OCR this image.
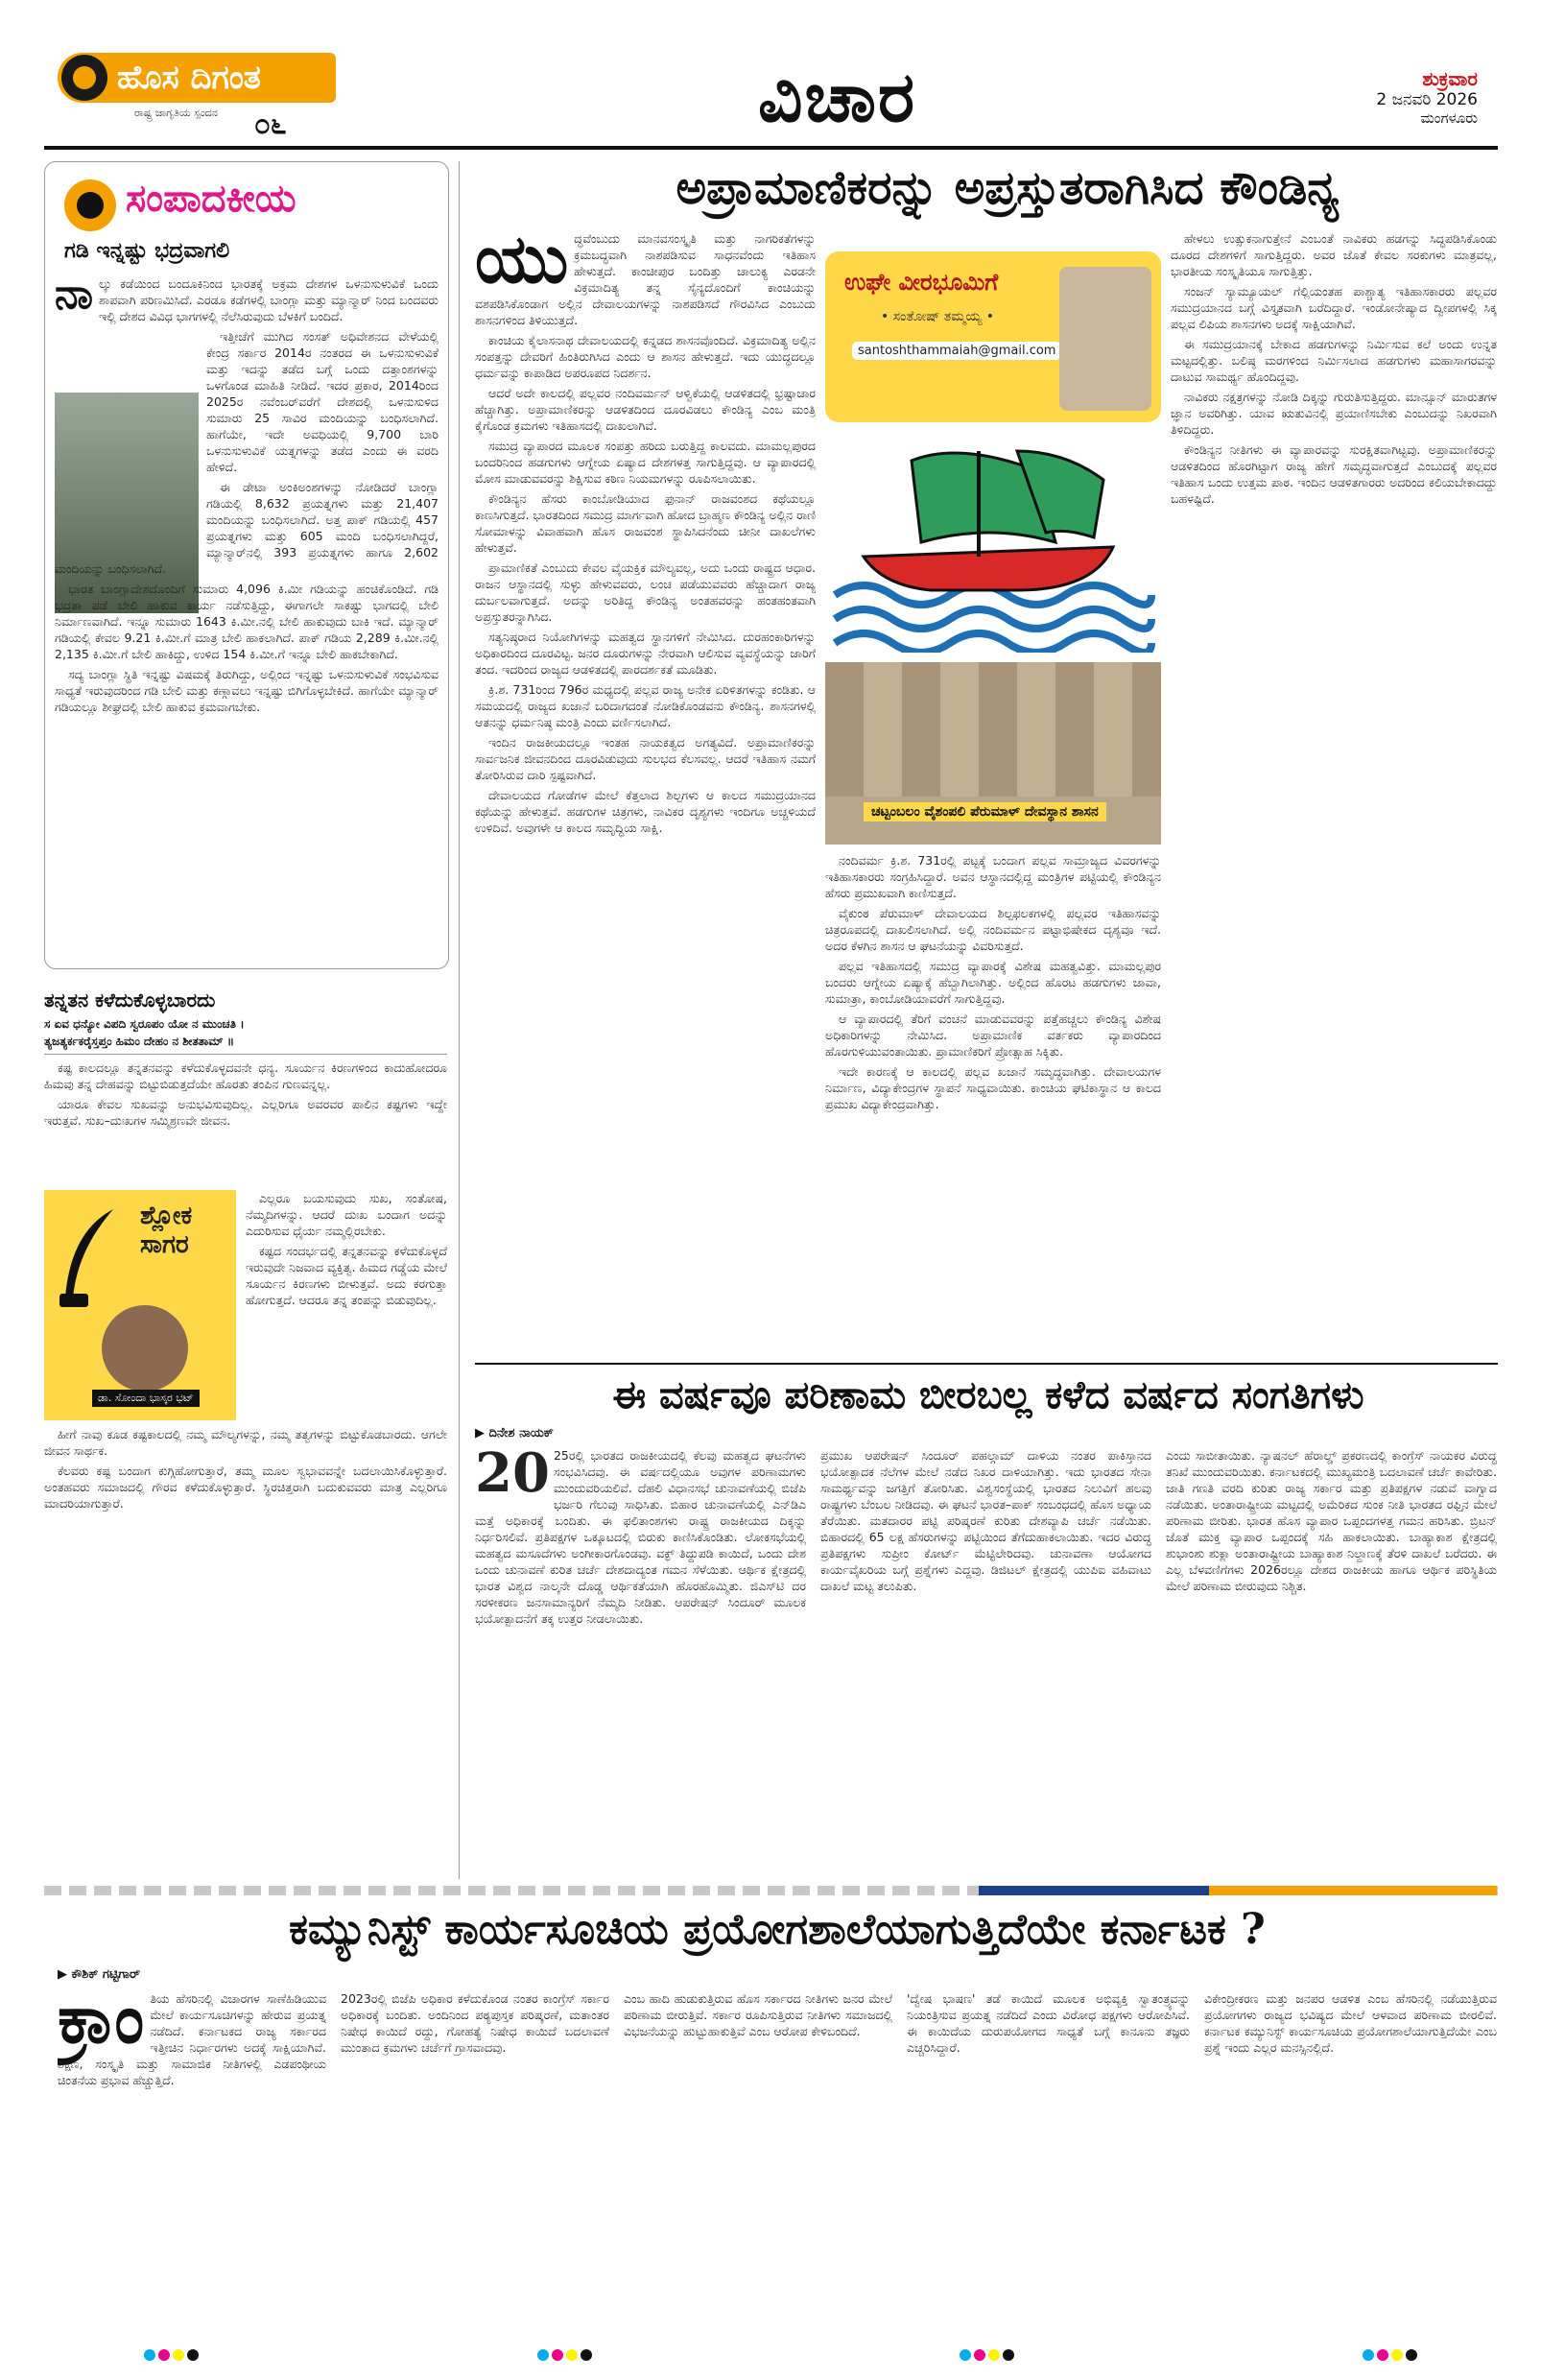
ಹೊಸ ದಿಗಂತ
ರಾಷ್ಟ್ರ ಜಾಗೃತಿಯ ಸ್ಪಂದನ ೦೬	ವಿಚಾರ	ಶುಕ್ರವಾರ
2 ಜನವರಿ 2026
ಮಂಗಳೂರು
ಸಂಪಾದಕೀಯ
ಗಡಿ ಇನ್ನಷ್ಟು ಭದ್ರವಾಗಲಿ
ನಾ ಲ್ಕು ಕಡೆಯಿಂದ ಬಂದೂಕಿನಿಂದ ಭಾರತಕ್ಕೆ ಅಕ್ರಮ ದೇಶಗಳ ಒಳನುಸುಳುವಿಕೆ ಒಂದು ಶಾಪವಾಗಿ ಪರಿಣಮಿಸಿದೆ. ಎರಡೂ ಕಡೆಗಳಲ್ಲಿ ಬಾಂಗ್ಲಾ ಮತ್ತು ಮ್ಯಾನ್ಮಾರ್ ನಿಂದ ಬಂದವರು ಇಲ್ಲಿ ದೇಶದ ವಿವಿಧ ಭಾಗಗಳಲ್ಲಿ ನೆಲೆಸಿರುವುದು ಬೆಳಕಿಗೆ ಬಂದಿದೆ.

ಇತ್ತೀಚೆಗೆ ಮುಗಿದ ಸಂಸತ್ ಅಧಿವೇಶನದ ವೇಳೆಯಲ್ಲಿ ಕೇಂದ್ರ ಸರ್ಕಾರ 2014ರ ನಂತರದ ಈ ಒಳನುಸುಳುವಿಕೆ ಮತ್ತು ಇದನ್ನು ತಡೆದ ಬಗ್ಗೆ ಒಂದು ದತ್ತಾಂಶಗಳನ್ನು ಒಳಗೊಂಡ ಮಾಹಿತಿ ನೀಡಿದೆ. ಇದರ ಪ್ರಕಾರ, 2014ರಿಂದ 2025ರ ನವೆಂಬರ್‌ವರೆಗೆ ದೇಶದಲ್ಲಿ ಒಳನುಸುಳಿದ ಸುಮಾರು 25 ಸಾವಿರ ಮಂದಿಯನ್ನು ಬಂಧಿಸಲಾಗಿದೆ. ಹಾಗೆಯೇ, ಇದೇ ಅವಧಿಯಲ್ಲಿ 9,700 ಬಾರಿ ಒಳನುಸುಳುವಿಕೆ ಯತ್ನಗಳನ್ನು ತಡೆದ ಎಂದು ಈ ವರದಿ ಹೇಳಿದೆ.

ಈ ಡೇಟಾ ಅಂಕಿಅಂಶಗಳನ್ನು ನೋಡಿದರೆ ಬಾಂಗ್ಲಾ ಗಡಿಯಲ್ಲಿ 8,632 ಪ್ರಯತ್ನಗಳು ಮತ್ತು 21,407 ಮಂದಿಯನ್ನು ಬಂಧಿಸಲಾಗಿದೆ. ಅತ್ತ ಪಾಕ್ ಗಡಿಯಲ್ಲಿ 457 ಪ್ರಯತ್ನಗಳು ಮತ್ತು 605 ಮಂದಿ ಬಂಧಿಸಲಾಗಿದ್ದರೆ, ಮ್ಯಾನ್ಮಾರ್‌ನಲ್ಲಿ 393 ಪ್ರಯತ್ನಗಳು ಹಾಗೂ 2,602 ಮಂದಿಯನ್ನು ಬಂಧಿಸಲಾಗಿದೆ.

ಭಾರತ ಬಾಂಗ್ಲಾದೇಶದೊಂದಿಗೆ ಸುಮಾರು 4,096 ಕಿ.ಮೀ ಗಡಿಯನ್ನು ಹಂಚಿಕೊಂಡಿದೆ. ಗಡಿ ಭದ್ರತಾ ಪಡೆ ಬೇಲಿ ಹಾಕುವ ಕಾರ್ಯ ನಡೆಸುತ್ತಿದ್ದು, ಈಗಾಗಲೇ ಸಾಕಷ್ಟು ಭಾಗದಲ್ಲಿ ಬೇಲಿ ನಿರ್ಮಾಣವಾಗಿದೆ. ಇನ್ನೂ ಸುಮಾರು 1643 ಕಿ.ಮೀ.ನಲ್ಲಿ ಬೇಲಿ ಹಾಕುವುದು ಬಾಕಿ ಇದೆ. ಮ್ಯಾನ್ಮಾರ್ ಗಡಿಯಲ್ಲಿ ಕೇವಲ 9.21 ಕಿ.ಮೀ.ಗೆ ಮಾತ್ರ ಬೇಲಿ ಹಾಕಲಾಗಿದೆ. ಪಾಕ್ ಗಡಿಯ 2,289 ಕಿ.ಮೀ.ನಲ್ಲಿ 2,135 ಕಿ.ಮೀ.ಗೆ ಬೇಲಿ ಹಾಕಿದ್ದು, ಉಳಿದ 154 ಕಿ.ಮೀ.ಗೆ ಇನ್ನೂ ಬೇಲಿ ಹಾಕಬೇಕಾಗಿದೆ.

ಸದ್ಯ ಬಾಂಗ್ಲಾ ಸ್ಥಿತಿ ಇನ್ನಷ್ಟು ವಿಷಮಕ್ಕೆ ತಿರುಗಿದ್ದು, ಅಲ್ಲಿಂದ ಇನ್ನಷ್ಟು ಒಳನುಸುಳುವಿಕೆ ಸಂಭವಿಸುವ ಸಾಧ್ಯತೆ ಇರುವುದರಿಂದ ಗಡಿ ಬೇಲಿ ಮತ್ತು ಕಣ್ಗಾವಲು ಇನ್ನಷ್ಟು ಬಿಗಿಗೊಳ್ಳಬೇಕಿದೆ. ಹಾಗೆಯೇ ಮ್ಯಾನ್ಮಾರ್ ಗಡಿಯಲ್ಲೂ ಶೀಘ್ರದಲ್ಲಿ ಬೇಲಿ ಹಾಕುವ ಕ್ರಮವಾಗಬೇಕು.

ತನ್ನತನ ಕಳೆದುಕೊಳ್ಳಬಾರದು
ಸ ಏವ ಧನ್ಯೋ ವಿಪದಿ ಸ್ವರೂಪಂ ಯೋ ನ ಮುಂಚತಿ ।
ತ್ಯಜತ್ಯರ್ಕಕರೈಸ್ತಪ್ತಂ ಹಿಮಂ ದೇಹಂ ನ ಶೀತತಾಮ್ ॥

ಕಷ್ಟ ಕಾಲದಲ್ಲೂ ತನ್ನತನವನ್ನು ಕಳೆದುಕೊಳ್ಳದವನೇ ಧನ್ಯ. ಸೂರ್ಯನ ಕಿರಣಗಳಿಂದ ಕಾದುಹೋದರೂ ಹಿಮವು ತನ್ನ ದೇಹವನ್ನು ಬಿಟ್ಟುಬಿಡುತ್ತದೆಯೇ ಹೊರತು ತಂಪಿನ ಗುಣವನ್ನಲ್ಲ.

ಯಾರೂ ಕೇವಲ ಸುಖವನ್ನು ಅನುಭವಿಸುವುದಿಲ್ಲ. ಎಲ್ಲರಿಗೂ ಅವರವರ ಪಾಲಿನ ಕಷ್ಟಗಳು ಇದ್ದೇ ಇರುತ್ತವೆ. ಸುಖ–ದುಃಖಗಳ ಸಮ್ಮಿಶ್ರಣವೇ ಜೀವನ.

ಶ್ಲೋಕ
ಸಾಗರ
ಡಾ. ಸೋಂದಾ ಭಾಸ್ಕರ ಭಟ್

ಎಲ್ಲರೂ ಬಯಸುವುದು ಸುಖ, ಸಂತೋಷ, ನೆಮ್ಮದಿಗಳನ್ನು. ಆದರೆ ದುಃಖ ಬಂದಾಗ ಅದನ್ನು ಎದುರಿಸುವ ಧೈರ್ಯ ನಮ್ಮಲ್ಲಿರಬೇಕು.

ಕಷ್ಟದ ಸಂದರ್ಭದಲ್ಲಿ ತನ್ನತನವನ್ನು ಕಳೆದುಕೊಳ್ಳದೆ ಇರುವುದೇ ನಿಜವಾದ ವ್ಯಕ್ತಿತ್ವ. ಹಿಮದ ಗಡ್ಡೆಯ ಮೇಲೆ ಸೂರ್ಯನ ಕಿರಣಗಳು ಬೀಳುತ್ತವೆ. ಅದು ಕರಗುತ್ತಾ ಹೋಗುತ್ತದೆ. ಆದರೂ ತನ್ನ ತಂಪನ್ನು ಬಿಡುವುದಿಲ್ಲ.

ಹೀಗೆ ನಾವು ಕೂಡ ಕಷ್ಟಕಾಲದಲ್ಲಿ ನಮ್ಮ ಮೌಲ್ಯಗಳನ್ನು, ನಮ್ಮ ತತ್ವಗಳನ್ನು ಬಿಟ್ಟುಕೊಡಬಾರದು. ಆಗಲೇ ಜೀವನ ಸಾರ್ಥಕ.

ಕೆಲವರು ಕಷ್ಟ ಬಂದಾಗ ಕುಗ್ಗಿಹೋಗುತ್ತಾರೆ, ತಮ್ಮ ಮೂಲ ಸ್ವಭಾವವನ್ನೇ ಬದಲಾಯಿಸಿಕೊಳ್ಳುತ್ತಾರೆ. ಅಂತಹವರು ಸಮಾಜದಲ್ಲಿ ಗೌರವ ಕಳೆದುಕೊಳ್ಳುತ್ತಾರೆ. ಸ್ಥಿರಚಿತ್ತರಾಗಿ ಬದುಕುವವರು ಮಾತ್ರ ಎಲ್ಲರಿಗೂ ಮಾದರಿಯಾಗುತ್ತಾರೆ.

ಅಪ್ರಾಮಾಣಿಕರನ್ನು ಅಪ್ರಸ್ತುತರಾಗಿಸಿದ ಕೌಂಡಿನ್ಯ
ಯು ದ್ಧವೆಂಬುದು ಮಾನವಸಂಸ್ಕೃತಿ ಮತ್ತು ನಾಗರಿಕತೆಗಳನ್ನು ಕ್ರಮಬದ್ಧವಾಗಿ ನಾಶಪಡಿಸುವ ಸಾಧನವೆಂದು ಇತಿಹಾಸ ಹೇಳುತ್ತದೆ. ಕಾಂಚೀಪುರ ಬಂದಿತ್ತು ಚಾಲುಕ್ಯ ಎರಡನೇ ವಿಕ್ರಮಾದಿತ್ಯ ತನ್ನ ಸೈನ್ಯದೊಂದಿಗೆ ಕಾಂಚಿಯನ್ನು ವಶಪಡಿಸಿಕೊಂಡಾಗ ಅಲ್ಲಿನ ದೇವಾಲಯಗಳನ್ನು ನಾಶಪಡಿಸದೆ ಗೌರವಿಸಿದ ಎಂಬುದು ಶಾಸನಗಳಿಂದ ತಿಳಿಯುತ್ತದೆ.

ಕಾಂಚಿಯ ಕೈಲಾಸನಾಥ ದೇವಾಲಯದಲ್ಲಿ ಕನ್ನಡದ ಶಾಸನವೊಂದಿದೆ. ವಿಕ್ರಮಾದಿತ್ಯ ಅಲ್ಲಿನ ಸಂಪತ್ತನ್ನು ದೇವರಿಗೆ ಹಿಂತಿರುಗಿಸಿದ ಎಂದು ಆ ಶಾಸನ ಹೇಳುತ್ತದೆ. ಇದು ಯುದ್ಧದಲ್ಲೂ ಧರ್ಮವನ್ನು ಕಾಪಾಡಿದ ಅಪರೂಪದ ನಿದರ್ಶನ.

ಆದರೆ ಅದೇ ಕಾಲದಲ್ಲಿ ಪಲ್ಲವರ ನಂದಿವರ್ಮನ್ ಆಳ್ವಿಕೆಯಲ್ಲಿ ಆಡಳಿತದಲ್ಲಿ ಭ್ರಷ್ಟಾಚಾರ ಹೆಚ್ಚಾಗಿತ್ತು. ಅಪ್ರಾಮಾಣಿಕರನ್ನು ಆಡಳಿತದಿಂದ ದೂರವಿಡಲು ಕೌಂಡಿನ್ಯ ಎಂಬ ಮಂತ್ರಿ ಕೈಗೊಂಡ ಕ್ರಮಗಳು ಇತಿಹಾಸದಲ್ಲಿ ದಾಖಲಾಗಿವೆ.

ಸಮುದ್ರ ವ್ಯಾಪಾರದ ಮೂಲಕ ಸಂಪತ್ತು ಹರಿದು ಬರುತ್ತಿದ್ದ ಕಾಲವದು. ಮಾಮಲ್ಲಪುರದ ಬಂದರಿನಿಂದ ಹಡಗುಗಳು ಆಗ್ನೇಯ ಏಷ್ಯಾದ ದೇಶಗಳತ್ತ ಸಾಗುತ್ತಿದ್ದವು. ಆ ವ್ಯಾಪಾರದಲ್ಲಿ ಮೋಸ ಮಾಡುವವರನ್ನು ಶಿಕ್ಷಿಸುವ ಕಠಿಣ ನಿಯಮಗಳನ್ನು ರೂಪಿಸಲಾಯಿತು.

ಕೌಂಡಿನ್ಯನ ಹೆಸರು ಕಾಂಬೋಡಿಯಾದ ಫುನಾನ್ ರಾಜವಂಶದ ಕಥೆಯಲ್ಲೂ ಕಾಣಸಿಗುತ್ತದೆ. ಭಾರತದಿಂದ ಸಮುದ್ರ ಮಾರ್ಗವಾಗಿ ಹೋದ ಬ್ರಾಹ್ಮಣ ಕೌಂಡಿನ್ಯ ಅಲ್ಲಿನ ರಾಣಿ ಸೋಮಾಳನ್ನು ವಿವಾಹವಾಗಿ ಹೊಸ ರಾಜವಂಶ ಸ್ಥಾಪಿಸಿದನೆಂದು ಚೀನೀ ದಾಖಲೆಗಳು ಹೇಳುತ್ತವೆ.

ಪ್ರಾಮಾಣಿಕತೆ ಎಂಬುದು ಕೇವಲ ವೈಯಕ್ತಿಕ ಮೌಲ್ಯವಲ್ಲ, ಅದು ಒಂದು ರಾಷ್ಟ್ರದ ಆಧಾರ. ರಾಜನ ಆಸ್ಥಾನದಲ್ಲಿ ಸುಳ್ಳು ಹೇಳುವವರು, ಲಂಚ ಪಡೆಯುವವರು ಹೆಚ್ಚಾದಾಗ ರಾಜ್ಯ ದುರ್ಬಲವಾಗುತ್ತದೆ. ಅದನ್ನು ಅರಿತಿದ್ದ ಕೌಂಡಿನ್ಯ ಅಂತಹವರನ್ನು ಹಂತಹಂತವಾಗಿ ಅಪ್ರಸ್ತುತರನ್ನಾಗಿಸಿದ.

ಸತ್ಯನಿಷ್ಠರಾದ ನಿಯೋಗಿಗಳನ್ನು ಮಹತ್ವದ ಸ್ಥಾನಗಳಿಗೆ ನೇಮಿಸಿದ. ದುರಹಂಕಾರಿಗಳನ್ನು ಅಧಿಕಾರದಿಂದ ದೂರವಿಟ್ಟ. ಜನರ ದೂರುಗಳನ್ನು ನೇರವಾಗಿ ಆಲಿಸುವ ವ್ಯವಸ್ಥೆಯನ್ನು ಜಾರಿಗೆ ತಂದ. ಇದರಿಂದ ರಾಜ್ಯದ ಆಡಳಿತದಲ್ಲಿ ಪಾರದರ್ಶಕತೆ ಮೂಡಿತು.

ಕ್ರಿ.ಶ. 731ರಿಂದ 796ರ ಮಧ್ಯದಲ್ಲಿ ಪಲ್ಲವ ರಾಜ್ಯ ಅನೇಕ ಏರಿಳಿತಗಳನ್ನು ಕಂಡಿತು. ಆ ಸಮಯದಲ್ಲಿ ರಾಜ್ಯದ ಖಜಾನೆ ಬರಿದಾಗದಂತೆ ನೋಡಿಕೊಂಡವನು ಕೌಂಡಿನ್ಯ. ಶಾಸನಗಳಲ್ಲಿ ಆತನನ್ನು ಧರ್ಮನಿಷ್ಠ ಮಂತ್ರಿ ಎಂದು ವರ್ಣಿಸಲಾಗಿದೆ.

ಇಂದಿನ ರಾಜಕೀಯದಲ್ಲೂ ಇಂತಹ ನಾಯಕತ್ವದ ಅಗತ್ಯವಿದೆ. ಅಪ್ರಾಮಾಣಿಕರನ್ನು ಸಾರ್ವಜನಿಕ ಜೀವನದಿಂದ ದೂರವಿಡುವುದು ಸುಲಭದ ಕೆಲಸವಲ್ಲ. ಆದರೆ ಇತಿಹಾಸ ನಮಗೆ ತೋರಿಸಿರುವ ದಾರಿ ಸ್ಪಷ್ಟವಾಗಿದೆ.

ದೇವಾಲಯದ ಗೋಡೆಗಳ ಮೇಲೆ ಕೆತ್ತಲಾದ ಶಿಲ್ಪಗಳು ಆ ಕಾಲದ ಸಮುದ್ರಯಾನದ ಕಥೆಯನ್ನು ಹೇಳುತ್ತವೆ. ಹಡಗುಗಳ ಚಿತ್ರಗಳು, ನಾವಿಕರ ದೃಶ್ಯಗಳು ಇಂದಿಗೂ ಅಚ್ಚಳಿಯದೆ ಉಳಿದಿವೆ. ಅವುಗಳೇ ಆ ಕಾಲದ ಸಮೃದ್ಧಿಯ ಸಾಕ್ಷಿ.

ಉಘೇ ವೀರಭೂಮಿಗೆ
• ಸಂತೋಷ್ ತಮ್ಮಯ್ಯ •
santoshthammaiah@gmail.com
ಚಟ್ಟಂಬಲಂ ವೈಶಂಪಲಿ ಪೆರುಮಾಳ್ ದೇವಸ್ಥಾನ ಶಾಸನ

ನಂದಿವರ್ಮ ಕ್ರಿ.ಶ. 731ರಲ್ಲಿ ಪಟ್ಟಕ್ಕೆ ಬಂದಾಗ ಪಲ್ಲವ ಸಾಮ್ರಾಜ್ಯದ ವಿವರಗಳನ್ನು ಇತಿಹಾಸಕಾರರು ಸಂಗ್ರಹಿಸಿದ್ದಾರೆ. ಅವನ ಆಸ್ಥಾನದಲ್ಲಿದ್ದ ಮಂತ್ರಿಗಳ ಪಟ್ಟಿಯಲ್ಲಿ ಕೌಂಡಿನ್ಯನ ಹೆಸರು ಪ್ರಮುಖವಾಗಿ ಕಾಣಿಸುತ್ತದೆ.

ವೈಕುಂಠ ಪೆರುಮಾಳ್ ದೇವಾಲಯದ ಶಿಲ್ಪಫಲಕಗಳಲ್ಲಿ ಪಲ್ಲವರ ಇತಿಹಾಸವನ್ನು ಚಿತ್ರರೂಪದಲ್ಲಿ ದಾಖಲಿಸಲಾಗಿದೆ. ಅಲ್ಲಿ ನಂದಿವರ್ಮನ ಪಟ್ಟಾಭಿಷೇಕದ ದೃಶ್ಯವೂ ಇದೆ. ಅದರ ಕೆಳಗಿನ ಶಾಸನ ಆ ಘಟನೆಯನ್ನು ವಿವರಿಸುತ್ತದೆ.

ಪಲ್ಲವ ಇತಿಹಾಸದಲ್ಲಿ ಸಮುದ್ರ ವ್ಯಾಪಾರಕ್ಕೆ ವಿಶೇಷ ಮಹತ್ವವಿತ್ತು. ಮಾಮಲ್ಲಪುರ ಬಂದರು ಆಗ್ನೇಯ ಏಷ್ಯಾಕ್ಕೆ ಹೆಬ್ಬಾಗಿಲಾಗಿತ್ತು. ಅಲ್ಲಿಂದ ಹೊರಟ ಹಡಗುಗಳು ಜಾವಾ, ಸುಮಾತ್ರಾ, ಕಾಂಬೋಡಿಯಾವರೆಗೆ ಸಾಗುತ್ತಿದ್ದವು.

ಆ ವ್ಯಾಪಾರದಲ್ಲಿ ತೆರಿಗೆ ವಂಚನೆ ಮಾಡುವವರನ್ನು ಪತ್ತೆಹಚ್ಚಲು ಕೌಂಡಿನ್ಯ ವಿಶೇಷ ಅಧಿಕಾರಿಗಳನ್ನು ನೇಮಿಸಿದ. ಅಪ್ರಾಮಾಣಿಕ ವರ್ತಕರು ವ್ಯಾಪಾರದಿಂದ ಹೊರಗುಳಿಯುವಂತಾಯಿತು. ಪ್ರಾಮಾಣಿಕರಿಗೆ ಪ್ರೋತ್ಸಾಹ ಸಿಕ್ಕಿತು.

ಇದೇ ಕಾರಣಕ್ಕೆ ಆ ಕಾಲದಲ್ಲಿ ಪಲ್ಲವ ಖಜಾನೆ ಸಮೃದ್ಧವಾಗಿತ್ತು. ದೇವಾಲಯಗಳ ನಿರ್ಮಾಣ, ವಿದ್ಯಾಕೇಂದ್ರಗಳ ಸ್ಥಾಪನೆ ಸಾಧ್ಯವಾಯಿತು. ಕಾಂಚಿಯ ಘಟಿಕಾಸ್ಥಾನ ಆ ಕಾಲದ ಪ್ರಮುಖ ವಿದ್ಯಾಕೇಂದ್ರವಾಗಿತ್ತು.

ಹೇಳಲು ಉತ್ಸುಕನಾಗುತ್ತೇನೆ ಎಂಬಂತೆ ನಾವಿಕರು ಹಡಗನ್ನು ಸಿದ್ಧಪಡಿಸಿಕೊಂಡು ದೂರದ ದೇಶಗಳಿಗೆ ಸಾಗುತ್ತಿದ್ದರು. ಅವರ ಜೊತೆ ಕೇವಲ ಸರಕುಗಳು ಮಾತ್ರವಲ್ಲ, ಭಾರತೀಯ ಸಂಸ್ಕೃತಿಯೂ ಸಾಗುತ್ತಿತ್ತು.

ಸಂಜನ್ ಸ್ಯಾಮ್ಯೂಯಲ್ ಗೆಲ್ಲಿಯಂತಹ ಪಾಶ್ಚಾತ್ಯ ಇತಿಹಾಸಕಾರರು ಪಲ್ಲವರ ಸಮುದ್ರಯಾನದ ಬಗ್ಗೆ ವಿಸ್ತೃತವಾಗಿ ಬರೆದಿದ್ದಾರೆ. ಇಂಡೋನೇಷ್ಯಾದ ದ್ವೀಪಗಳಲ್ಲಿ ಸಿಕ್ಕ ಪಲ್ಲವ ಲಿಪಿಯ ಶಾಸನಗಳು ಅದಕ್ಕೆ ಸಾಕ್ಷಿಯಾಗಿವೆ.

ಈ ಸಮುದ್ರಯಾನಕ್ಕೆ ಬೇಕಾದ ಹಡಗುಗಳನ್ನು ನಿರ್ಮಿಸುವ ಕಲೆ ಅಂದು ಉನ್ನತ ಮಟ್ಟದಲ್ಲಿತ್ತು. ಬಲಿಷ್ಠ ಮರಗಳಿಂದ ನಿರ್ಮಿಸಲಾದ ಹಡಗುಗಳು ಮಹಾಸಾಗರವನ್ನು ದಾಟುವ ಸಾಮರ್ಥ್ಯ ಹೊಂದಿದ್ದವು.

ನಾವಿಕರು ನಕ್ಷತ್ರಗಳನ್ನು ನೋಡಿ ದಿಕ್ಕನ್ನು ಗುರುತಿಸುತ್ತಿದ್ದರು. ಮಾನ್ಸೂನ್ ಮಾರುತಗಳ ಜ್ಞಾನ ಅವರಿಗಿತ್ತು. ಯಾವ ಋತುವಿನಲ್ಲಿ ಪ್ರಯಾಣಿಸಬೇಕು ಎಂಬುದನ್ನು ನಿಖರವಾಗಿ ತಿಳಿದಿದ್ದರು.

ಕೌಂಡಿನ್ಯನ ನೀತಿಗಳು ಈ ವ್ಯಾಪಾರವನ್ನು ಸುರಕ್ಷಿತವಾಗಿಟ್ಟವು. ಅಪ್ರಾಮಾಣಿಕರನ್ನು ಆಡಳಿತದಿಂದ ಹೊರಗಿಟ್ಟಾಗ ರಾಜ್ಯ ಹೇಗೆ ಸಮೃದ್ಧವಾಗುತ್ತದೆ ಎಂಬುದಕ್ಕೆ ಪಲ್ಲವರ ಇತಿಹಾಸ ಒಂದು ಉತ್ತಮ ಪಾಠ. ಇಂದಿನ ಆಡಳಿತಗಾರರು ಅದರಿಂದ ಕಲಿಯಬೇಕಾದದ್ದು ಬಹಳಷ್ಟಿದೆ.

ಈ ವರ್ಷವೂ ಪರಿಣಾಮ ಬೀರಬಲ್ಲ ಕಳೆದ ವರ್ಷದ ಸಂಗತಿಗಳು
▶ ದಿನೇಶ ನಾಯಕ್
20 25ರಲ್ಲಿ ಭಾರತದ ರಾಜಕೀಯದಲ್ಲಿ ಕೆಲವು ಮಹತ್ವದ ಘಟನೆಗಳು ಸಂಭವಿಸಿದವು. ಈ ವರ್ಷದಲ್ಲಿಯೂ ಅವುಗಳ ಪರಿಣಾಮಗಳು ಮುಂದುವರಿಯಲಿವೆ. ದೆಹಲಿ ವಿಧಾನಸಭೆ ಚುನಾವಣೆಯಲ್ಲಿ ಬಿಜೆಪಿ ಭರ್ಜರಿ ಗೆಲುವು ಸಾಧಿಸಿತು. ಬಿಹಾರ ಚುನಾವಣೆಯಲ್ಲಿ ಎನ್‌ಡಿಎ ಮತ್ತೆ ಅಧಿಕಾರಕ್ಕೆ ಬಂದಿತು. ಈ ಫಲಿತಾಂಶಗಳು ರಾಷ್ಟ್ರ ರಾಜಕೀಯದ ದಿಕ್ಕನ್ನು ನಿರ್ಧರಿಸಲಿವೆ. ಪ್ರತಿಪಕ್ಷಗಳ ಒಕ್ಕೂಟದಲ್ಲಿ ಬಿರುಕು ಕಾಣಿಸಿಕೊಂಡಿತು. ಲೋಕಸಭೆಯಲ್ಲಿ ಮಹತ್ವದ ಮಸೂದೆಗಳು ಅಂಗೀಕಾರಗೊಂಡವು. ವಕ್ಫ್ ತಿದ್ದುಪಡಿ ಕಾಯಿದೆ, ಒಂದು ದೇಶ ಒಂದು ಚುನಾವಣೆ ಕುರಿತ ಚರ್ಚೆ ದೇಶದಾದ್ಯಂತ ಗಮನ ಸೆಳೆಯಿತು. ಆರ್ಥಿಕ ಕ್ಷೇತ್ರದಲ್ಲಿ ಭಾರತ ವಿಶ್ವದ ನಾಲ್ಕನೇ ದೊಡ್ಡ ಆರ್ಥಿಕತೆಯಾಗಿ ಹೊರಹೊಮ್ಮಿತು. ಜಿಎಸ್‌ಟಿ ದರ ಸರಳೀಕರಣ ಜನಸಾಮಾನ್ಯರಿಗೆ ನೆಮ್ಮದಿ ನೀಡಿತು. ಆಪರೇಷನ್ ಸಿಂದೂರ್ ಮೂಲಕ ಭಯೋತ್ಪಾದನೆಗೆ ತಕ್ಕ ಉತ್ತರ ನೀಡಲಾಯಿತು.
ಪ್ರಮುಖ ಆಪರೇಷನ್ ಸಿಂದೂರ್ ಪಹಲ್ಗಾಮ್ ದಾಳಿಯ ನಂತರ ಪಾಕಿಸ್ತಾನದ ಭಯೋತ್ಪಾದಕ ನೆಲೆಗಳ ಮೇಲೆ ನಡೆದ ನಿಖರ ದಾಳಿಯಾಗಿತ್ತು. ಇದು ಭಾರತದ ಸೇನಾ ಸಾಮರ್ಥ್ಯವನ್ನು ಜಗತ್ತಿಗೆ ತೋರಿಸಿತು. ವಿಶ್ವಸಂಸ್ಥೆಯಲ್ಲಿ ಭಾರತದ ನಿಲುವಿಗೆ ಹಲವು ರಾಷ್ಟ್ರಗಳು ಬೆಂಬಲ ನೀಡಿದವು. ಈ ಘಟನೆ ಭಾರತ–ಪಾಕ್ ಸಂಬಂಧದಲ್ಲಿ ಹೊಸ ಅಧ್ಯಾಯ ತೆರೆಯಿತು. ಮತದಾರರ ಪಟ್ಟಿ ಪರಿಷ್ಕರಣೆ ಕುರಿತು ದೇಶವ್ಯಾಪಿ ಚರ್ಚೆ ನಡೆಯಿತು. ಬಿಹಾರದಲ್ಲಿ 65 ಲಕ್ಷ ಹೆಸರುಗಳನ್ನು ಪಟ್ಟಿಯಿಂದ ತೆಗೆದುಹಾಕಲಾಯಿತು. ಇದರ ವಿರುದ್ಧ ಪ್ರತಿಪಕ್ಷಗಳು ಸುಪ್ರೀಂ ಕೋರ್ಟ್ ಮೆಟ್ಟಿಲೇರಿದವು. ಚುನಾವಣಾ ಆಯೋಗದ ಕಾರ್ಯವೈಖರಿಯ ಬಗ್ಗೆ ಪ್ರಶ್ನೆಗಳು ಎದ್ದವು. ಡಿಜಿಟಲ್ ಕ್ಷೇತ್ರದಲ್ಲಿ ಯುಪಿಐ ವಹಿವಾಟು ದಾಖಲೆ ಮಟ್ಟ ತಲುಪಿತು.
ಎಂದು ಸಾಬೀತಾಯಿತು. ನ್ಯಾಷನಲ್ ಹೆರಾಲ್ಡ್ ಪ್ರಕರಣದಲ್ಲಿ ಕಾಂಗ್ರೆಸ್ ನಾಯಕರ ವಿರುದ್ಧ ತನಿಖೆ ಮುಂದುವರಿಯಿತು. ಕರ್ನಾಟಕದಲ್ಲಿ ಮುಖ್ಯಮಂತ್ರಿ ಬದಲಾವಣೆ ಚರ್ಚೆ ಕಾವೇರಿತು. ಜಾತಿ ಗಣತಿ ವರದಿ ಕುರಿತು ರಾಜ್ಯ ಸರ್ಕಾರ ಮತ್ತು ಪ್ರತಿಪಕ್ಷಗಳ ನಡುವೆ ವಾಗ್ವಾದ ನಡೆಯಿತು. ಅಂತಾರಾಷ್ಟ್ರೀಯ ಮಟ್ಟದಲ್ಲಿ ಅಮೆರಿಕದ ಸುಂಕ ನೀತಿ ಭಾರತದ ರಫ್ತಿನ ಮೇಲೆ ಪರಿಣಾಮ ಬೀರಿತು. ಭಾರತ ಹೊಸ ವ್ಯಾಪಾರ ಒಪ್ಪಂದಗಳತ್ತ ಗಮನ ಹರಿಸಿತು. ಬ್ರಿಟನ್ ಜೊತೆ ಮುಕ್ತ ವ್ಯಾಪಾರ ಒಪ್ಪಂದಕ್ಕೆ ಸಹಿ ಹಾಕಲಾಯಿತು. ಬಾಹ್ಯಾಕಾಶ ಕ್ಷೇತ್ರದಲ್ಲಿ ಶುಭಾಂಶು ಶುಕ್ಲಾ ಅಂತಾರಾಷ್ಟ್ರೀಯ ಬಾಹ್ಯಾಕಾಶ ನಿಲ್ದಾಣಕ್ಕೆ ತೆರಳಿ ದಾಖಲೆ ಬರೆದರು. ಈ ಎಲ್ಲ ಬೆಳವಣಿಗೆಗಳು 2026ರಲ್ಲೂ ದೇಶದ ರಾಜಕೀಯ ಹಾಗೂ ಆರ್ಥಿಕ ಪರಿಸ್ಥಿತಿಯ ಮೇಲೆ ಪರಿಣಾಮ ಬೀರುವುದು ನಿಶ್ಚಿತ.
ಕಮ್ಯುನಿಸ್ಟ್ ಕಾರ್ಯಸೂಚಿಯ ಪ್ರಯೋಗಶಾಲೆಯಾಗುತ್ತಿದೆಯೇ ಕರ್ನಾಟಕ ?
▶ ಕೌಶಿಕ್ ಗಟ್ಟಿಗಾರ್
ಕ್ರಾಂ ತಿಯ ಹೆಸರಿನಲ್ಲಿ ವಿಚಾರಗಳ ಸಾಣೆಹಿಡಿಯುವ ಮೇಲೆ ಕಾರ್ಯಸೂಚಿಗಳನ್ನು ಹೇರುವ ಪ್ರಯತ್ನ ನಡೆದಿದೆ. ಕರ್ನಾಟಕದ ರಾಜ್ಯ ಸರ್ಕಾರದ ಇತ್ತೀಚಿನ ನಿರ್ಧಾರಗಳು ಅದಕ್ಕೆ ಸಾಕ್ಷಿಯಾಗಿವೆ. ಶಿಕ್ಷಣ, ಸಂಸ್ಕೃತಿ ಮತ್ತು ಸಾಮಾಜಿಕ ನೀತಿಗಳಲ್ಲಿ ಎಡಪಂಥೀಯ ಚಿಂತನೆಯ ಪ್ರಭಾವ ಹೆಚ್ಚುತ್ತಿದೆ.
2023ರಲ್ಲಿ ಬಿಜೆಪಿ ಅಧಿಕಾರ ಕಳೆದುಕೊಂಡ ನಂತರ ಕಾಂಗ್ರೆಸ್ ಸರ್ಕಾರ ಅಧಿಕಾರಕ್ಕೆ ಬಂದಿತು. ಅಂದಿನಿಂದ ಪಠ್ಯಪುಸ್ತಕ ಪರಿಷ್ಕರಣೆ, ಮತಾಂತರ ನಿಷೇಧ ಕಾಯಿದೆ ರದ್ದು, ಗೋಹತ್ಯೆ ನಿಷೇಧ ಕಾಯಿದೆ ಬದಲಾವಣೆ ಮುಂತಾದ ಕ್ರಮಗಳು ಚರ್ಚೆಗೆ ಗ್ರಾಸವಾದವು.
ಎಂಬ ಹಾದಿ ಹುಡುಕುತ್ತಿರುವ ಹೊಸ ಸರ್ಕಾರದ ನೀತಿಗಳು ಜನರ ಮೇಲೆ ಪರಿಣಾಮ ಬೀರುತ್ತಿವೆ. ಸರ್ಕಾರ ರೂಪಿಸುತ್ತಿರುವ ನೀತಿಗಳು ಸಮಾಜದಲ್ಲಿ ವಿಭಜನೆಯನ್ನು ಹುಟ್ಟುಹಾಕುತ್ತಿವೆ ಎಂಬ ಆರೋಪ ಕೇಳಿಬಂದಿದೆ.
'ದ್ವೇಷ ಭಾಷಣ' ತಡೆ ಕಾಯಿದೆ ಮೂಲಕ ಅಭಿವ್ಯಕ್ತಿ ಸ್ವಾತಂತ್ರ್ಯವನ್ನು ನಿಯಂತ್ರಿಸುವ ಪ್ರಯತ್ನ ನಡೆದಿದೆ ಎಂದು ವಿರೋಧ ಪಕ್ಷಗಳು ಆರೋಪಿಸಿವೆ. ಈ ಕಾಯಿದೆಯ ದುರುಪಯೋಗದ ಸಾಧ್ಯತೆ ಬಗ್ಗೆ ಕಾನೂನು ತಜ್ಞರು ಎಚ್ಚರಿಸಿದ್ದಾರೆ.
ವಿಕೇಂದ್ರೀಕರಣ ಮತ್ತು ಜನಪರ ಆಡಳಿತ ಎಂಬ ಹೆಸರಿನಲ್ಲಿ ನಡೆಯುತ್ತಿರುವ ಪ್ರಯೋಗಗಳು ರಾಜ್ಯದ ಭವಿಷ್ಯದ ಮೇಲೆ ಆಳವಾದ ಪರಿಣಾಮ ಬೀರಲಿವೆ. ಕರ್ನಾಟಕ ಕಮ್ಯುನಿಸ್ಟ್ ಕಾರ್ಯಸೂಚಿಯ ಪ್ರಯೋಗಶಾಲೆಯಾಗುತ್ತಿದೆಯೇ ಎಂಬ ಪ್ರಶ್ನೆ ಇಂದು ಎಲ್ಲರ ಮನಸ್ಸಿನಲ್ಲಿದೆ.
